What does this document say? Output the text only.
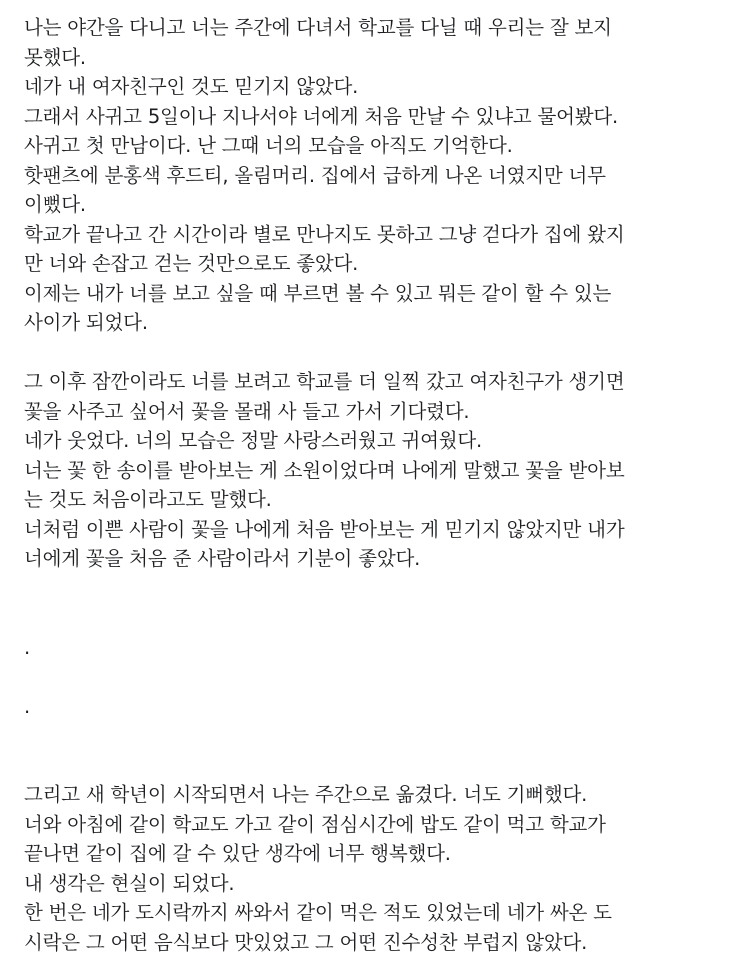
나는 야간을 다니고 너는 주간에 다녀서 학교를 다닐 때 우리는 잘 보지
못했다.
네가 내 여자친구인 것도 믿기지 않았다.
그래서 사귀고 5일이나 지나서야 너에게 처음 만날 수 있냐고 물어봤다.
사귀고 첫 만남이다. 난 그때 너의 모습을 아직도 기억한다.
핫팬츠에 분홍색 후드티, 올림머리. 집에서 급하게 나온 너였지만 너무
이뻤다.
학교가 끝나고 간 시간이라 별로 만나지도 못하고 그냥 걷다가 집에 왔지
만 너와 손잡고 걷는 것만으로도 좋았다.
이제는 내가 너를 보고 싶을 때 부르면 볼 수 있고 뭐든 같이 할 수 있는
사이가 되었다.
그 이후 잠깐이라도 너를 보려고 학교를 더 일찍 갔고 여자친구가 생기면
꽃을 사주고 싶어서 꽃을 몰래 사 들고 가서 기다렸다.
네가 웃었다. 너의 모습은 정말 사랑스러웠고 귀여웠다.
너는 꽃 한 송이를 받아보는 게 소원이었다며 나에게 말했고 꽃을 받아보
는 것도 처음이라고도 말했다.
너처럼 이쁜 사람이 꽃을 나에게 처음 받아보는 게 믿기지 않았지만 내가
너에게 꽃을 처음 준 사람이라서 기분이 좋았다.
.
.
그리고 새 학년이 시작되면서 나는 주간으로 옮겼다. 너도 기뻐했다.
너와 아침에 같이 학교도 가고 같이 점심시간에 밥도 같이 먹고 학교가
끝나면 같이 집에 갈 수 있단 생각에 너무 행복했다.
내 생각은 현실이 되었다.
한 번은 네가 도시락까지 싸와서 같이 먹은 적도 있었는데 네가 싸온 도
시락은 그 어떤 음식보다 맛있었고 그 어떤 진수성찬 부럽지 않았다.
